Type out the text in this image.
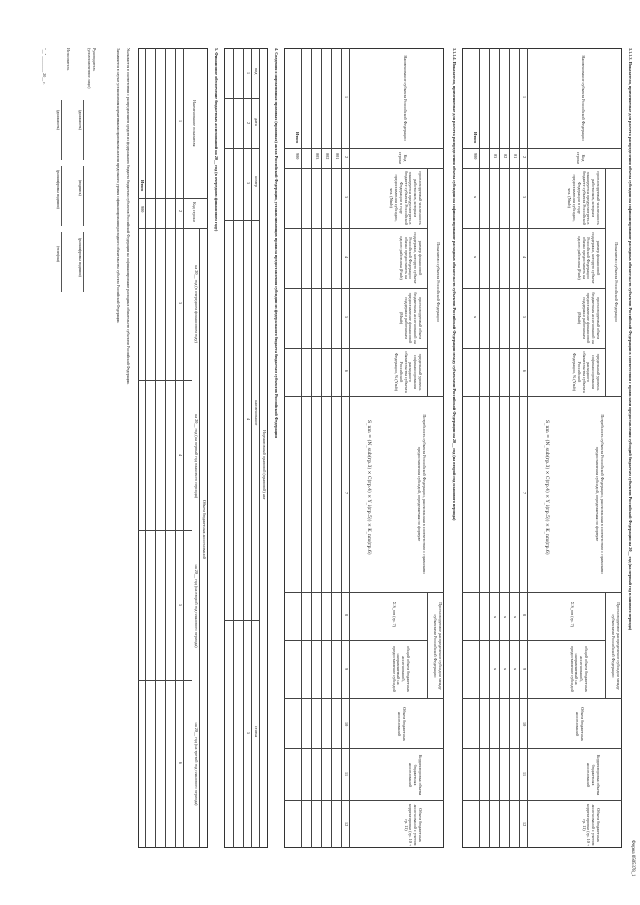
Форма 0505378_1
3.1.1.3. Показатели, применяемые для расчета распределения объема субсидии на софинансирование расходных обязательств субъектов Российской Федерации в соответствии с правилами предоставления субсидий бюджетам субъектов Российской Федерации на 20__ год (на первый год планового периода)
Наименование субъекта Российской Федерации
Код строки
Показатели субъекта Российской Федерации
прогнозируемый численность работников, которым планируется предусмотреть в бюджете субъекта Российской Федерации в году предоставления субсидии, чел. (Nsub)
размер финансовой поддержки, которую субъект Российской Федерации обязан предоставить на одного работника (Fsub)
прогнозируемый объем бюджетных ассигнований на предоставление финансовой поддержки работникам (Msub)
предельный уровень софинансирования расходного обязательства субъекта Российской Федерации, % (Ysub)
Потребность субъекта Российской Федерации, рассчитанная в соответствии с правилами предоставления субсидий, определяемая по формуле
S_nm = (N_sub(гр.3) × C(гр.4) × Y_i(гр.5)) × K_nm(гр.6)
Прогнозируемое распределение субсидии между субъектами Российской Федерации
Σ S_nm (гр. 7)
общий объем бюджетных ассигнований, направляемый на предоставление субсидий
Объем бюджетных ассигнований
Корректировка объема бюджетных ассигнований
Объем бюджетных ассигнований с учетом корректировки (гр. 10 + гр. 11)
1
2
3
4
5
6
7
8
9
10
11
12
01
02
03
x
x
x
x
x
x
Итого
900
x
x
x
3.1.1.4. Показатели, применяемые для расчета распределения объема субсидии на софинансирование расходных обязательств субъектов Российской Федерации между субъектами Российской Федерации на 20__ год (на второй год планового периода)
Наименование субъекта Российской Федерации
Код строки
Показатели субъекта Российской Федерации
прогнозируемый численность работников, которым планируется предусмотреть в бюджете субъекта Российской Федерации в году предоставления субсидии, чел. (Nsub)
размер финансовой поддержки, которую субъект Российской Федерации обязан предоставить на одного работника (Fsub)
прогнозируемый объем бюджетных ассигнований на предоставление финансовой поддержки работникам (Msub)
предельный уровень софинансирования расходного обязательства субъекта Российской Федерации, % (Ysub)
Потребность субъекта Российской Федерации, рассчитанная в соответствии с правилами предоставления субсидий, определяемая по формуле
S_nm = (N_sub(гр.3) × C(гр.4) × Y_i(гр.5)) × K_nm(гр.6)
Прогнозируемое распределение субсидии между субъектами Российской Федерации
Σ S_nm (гр. 7)
общий объем бюджетных ассигнований, направляемый на предоставление субсидий
Объем бюджетных ассигнований
Корректировка объема бюджетных ассигнований
Объем бюджетных ассигнований с учетом корректировки (гр. 10 + гр. 11)
1
2
3
4
5
6
7
8
9
10
11
12
001
002
003
Итого
900
4. Сведения о нормативных правовых (правовых) актах Российской Федерации, устанавливающих правила предоставления субсидии из федерального бюджета бюджетам субъектов Российской Федерации
Нормативный правовой (правовой) акт
вид
дата
номер
наименование
статья
1
2
3
4
5
5. Финансовое обеспечение бюджетных ассигнований на 20__ год (в очередном финансовом году)
Наименование показателя
Код строки
Объем бюджетных ассигнований
на 20__ год (в очередном финансовом году)
на 20__ год (на первый год планового периода)
на 20__ год (на второй год планового периода)
на 20__ год (на третий год планового периода)
1
2
3
4
5
6
Итого
900
Указывается в соответствии с распределением средств из федерального бюджета бюджетам субъектов Российской Федерации на софинансирование расходных обязательств субъектов Российской Федерации.
Заполняется в случае установления нормативными правовыми актами предельного уровня софинансирования расходного обязательства субъекта Российской Федерации.
Руководитель (уполномоченное лицо)
(должность)
(подпись)
(расшифровка подписи)
Исполнитель
(должность)
(расшифровка подписи)
(телефон)
"__" ________ 20__ г.
